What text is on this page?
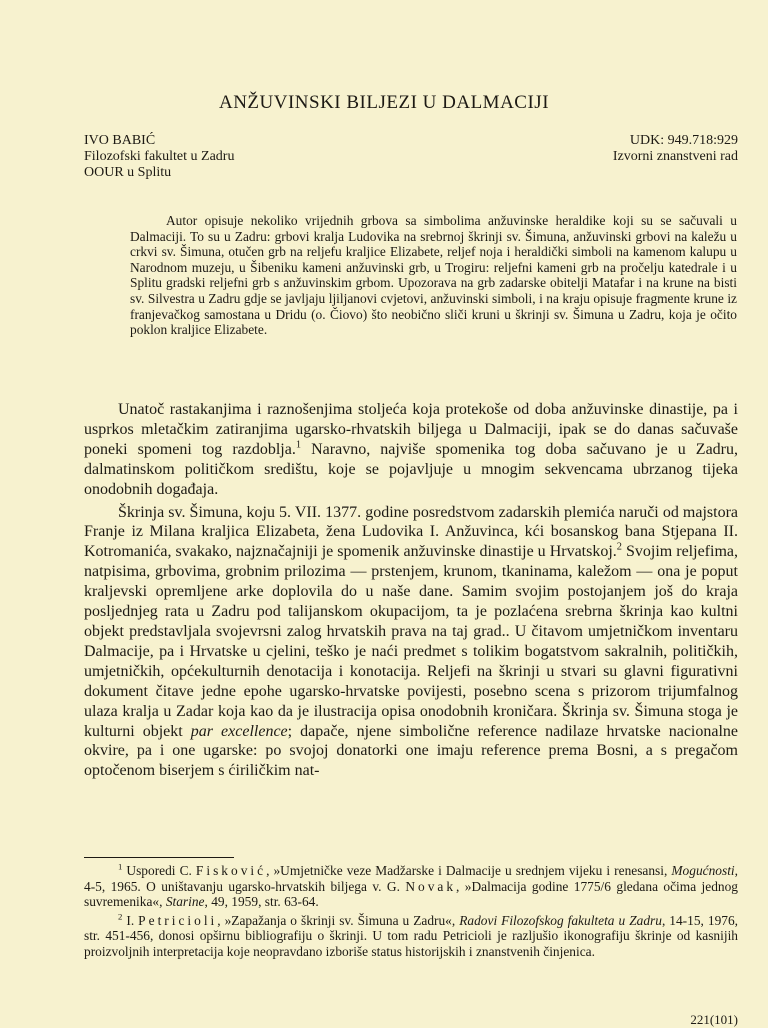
ANŽUVINSKI BILJEZI U DALMACIJI
IVO BABIĆ
Filozofski fakultet u Zadru
OOUR u Splitu
UDK: 949.718:929
Izvorni znanstveni rad

Autor opisuje nekoliko vrijednih grbova sa simbolima anžuvinske heraldike koji su se sačuvali u Dalmaciji. To su u Zadru: grbovi kralja Ludovika na srebrnoj škrinji sv. Šimuna, anžuvinski grbovi na kaležu u crkvi sv. Šimuna, otučen grb na reljefu kraljice Elizabete, reljef noja i heraldički simboli na kamenom kalupu u Narodnom muzeju, u Šibeniku kameni anžuvinski grb, u Trogiru: reljefni kameni grb na pročelju katedrale i u Splitu gradski reljefni grb s anžuvinskim grbom. Upozorava na grb zadarske obitelji Matafar i na krune na bisti sv. Silvestra u Zadru gdje se javljaju ljiljanovi cvjetovi, anžuvinski simboli, i na kraju opisuje fragmente krune iz franjevačkog samostana u Dridu (o. Čiovo) što neobično sliči kruni u škrinji sv. Šimuna u Zadru, koja je očito poklon kraljice Elizabete.

Unatoč rastakanjima i raznošenjima stoljeća koja protekoše od doba anžuvinske dinastije, pa i usprkos mletačkim zatiranjima ugarsko-rhvatskih biljega u Dalmaciji, ipak se do danas sačuvaše poneki spomeni tog razdoblja.$^1$ Naravno, najviše spomenika tog doba sačuvano je u Zadru, dalmatinskom političkom središtu, koje se pojavljuje u mnogim sekvencama ubrzanog tijeka onodobnih događaja.

Škrinja sv. Šimuna, koju 5. VII. 1377. godine posredstvom zadarskih plemića naruči od majstora Franje iz Milana kraljica Elizabeta, žena Ludovika I. Anžuvinca, kći bosanskog bana Stjepana II. Kotromanića, svakako, najznačajniji je spomenik anžuvinske dinastije u Hrvatskoj.$^2$ Svojim reljefima, natpisima, grbovima, grobnim prilozima — prstenjem, krunom, tkaninama, kaležom — ona je poput kraljevski opremljene arke doplovila do u naše dane. Samim svojim postojanjem još do kraja posljednjeg rata u Zadru pod talijanskom okupacijom, ta je pozlaćena srebrna škrinja kao kultni objekt predstavljala svojevrsni zalog hrvatskih prava na taj grad.. U čitavom umjetničkom inventaru Dalmacije, pa i Hrvatske u cjelini, teško je naći predmet s tolikim bogatstvom sakralnih, političkih, umjetničkih, općekulturnih denotacija i konotacija. Reljefi na škrinji u stvari su glavni figurativni dokument čitave jedne epohe ugarsko-hrvatske povijesti, posebno scena s prizorom trijumfalnog ulaza kralja u Zadar koja kao da je ilustracija opisa onodobnih kroničara. Škrinja sv. Šimuna stoga je kulturni objekt par excellence; dapače, njene simbolične reference nadilaze hrvatske nacionalne okvire, pa i one ugarske: po svojoj donatorki one imaju reference prema Bosni, a s pregačom optočenom biserjem s ćiriličkim nat-

$^1$ Usporedi C. Fisković, »Umjetničke veze Madžarske i Dalmacije u srednjem vijeku i renesansi, Mogućnosti, 4-5, 1965. O uništavanju ugarsko-hrvatskih biljega v. G. Novak, »Dalmacija godine 1775/6 gledana očima jednog suvremenika«, Starine, 49, 1959, str. 63-64.

$^2$ I. Petricioli, »Zapažanja o škrinji sv. Šimuna u Zadru«, Radovi Filozofskog fakulteta u Zadru, 14-15, 1976, str. 451-456, donosi opširnu bibliografiju o škrinji. U tom radu Petricioli je razljušio ikonografiju škrinje od kasnijih proizvoljnih interpretacija koje neopravdano izboriše status historijskih i znanstvenih činjenica.

221(101)
